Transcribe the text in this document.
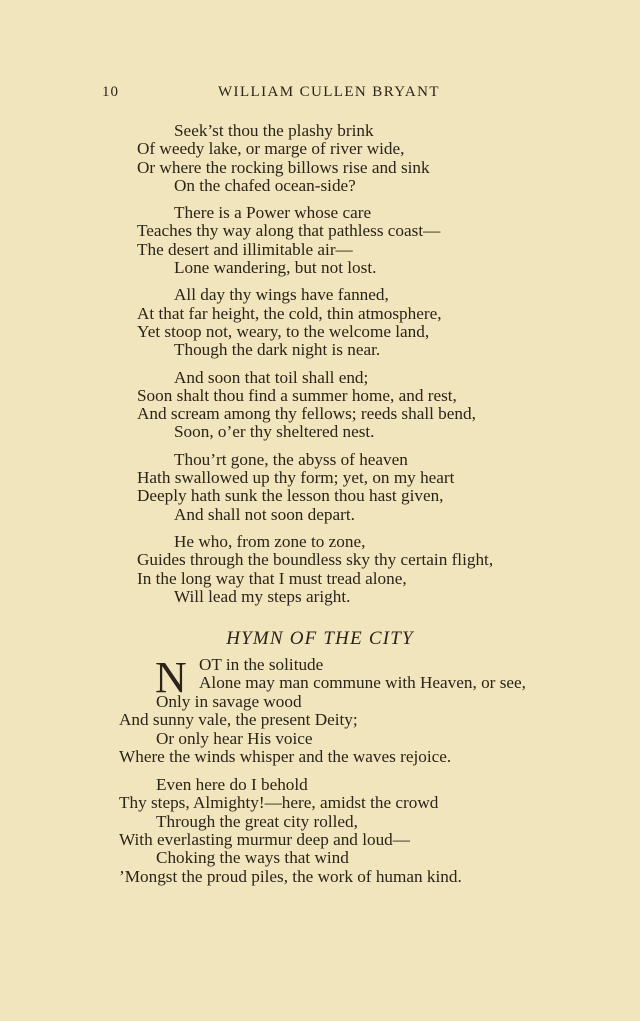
10	WILLIAM CULLEN BRYANT
Seek’st thou the plashy brink
Of weedy lake, or marge of river wide,
Or where the rocking billows rise and sink
On the chafed ocean-side?
There is a Power whose care
Teaches thy way along that pathless coast—
The desert and illimitable air—
Lone wandering, but not lost.
All day thy wings have fanned,
At that far height, the cold, thin atmosphere,
Yet stoop not, weary, to the welcome land,
Though the dark night is near.
And soon that toil shall end;
Soon shalt thou find a summer home, and rest,
And scream among thy fellows; reeds shall bend,
Soon, o’er thy sheltered nest.
Thou’rt gone, the abyss of heaven
Hath swallowed up thy form; yet, on my heart
Deeply hath sunk the lesson thou hast given,
And shall not soon depart.
He who, from zone to zone,
Guides through the boundless sky thy certain flight,
In the long way that I must tread alone,
Will lead my steps aright.
HYMN OF THE CITY
N OT in the solitude
Alone may man commune with Heaven, or see,
Only in savage wood
And sunny vale, the present Deity;
Or only hear His voice
Where the winds whisper and the waves rejoice.
Even here do I behold
Thy steps, Almighty!—here, amidst the crowd
Through the great city rolled,
With everlasting murmur deep and loud—
Choking the ways that wind
’Mongst the proud piles, the work of human kind.
